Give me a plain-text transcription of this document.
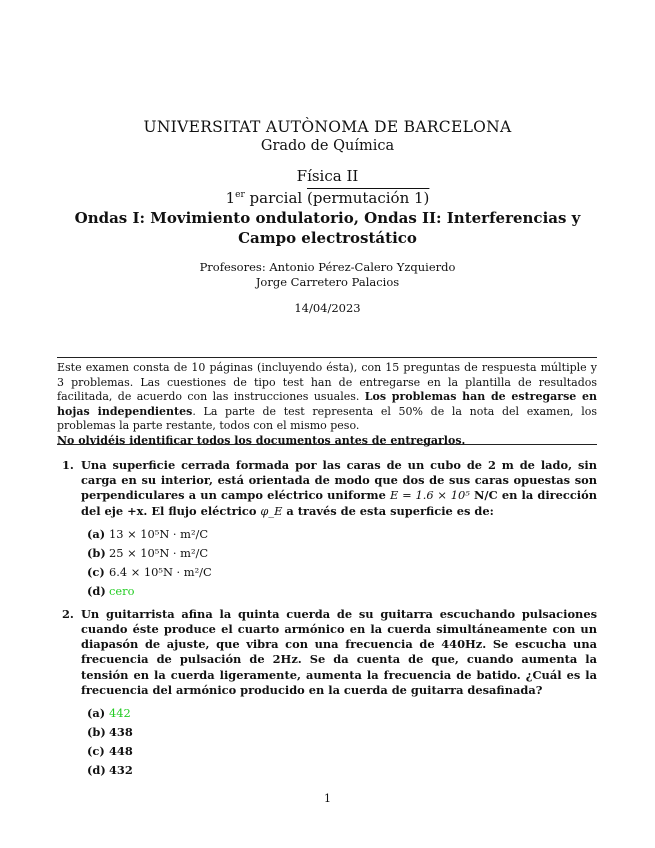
UNIVERSITAT AUTÒNOMA DE BARCELONA
Grado de Química
Física II
1er parcial (permutación 1)
Ondas I: Movimiento ondulatorio, Ondas II: Interferencias y Campo electrostático
Profesores: Antonio Pérez-Calero Yzquierdo
Jorge Carretero Palacios
14/04/2023
Este examen consta de 10 páginas (incluyendo ésta), con 15 preguntas de respuesta múltiple y 3 problemas. Las cuestiones de tipo test han de entregarse en la plantilla de resultados facilitada, de acuerdo con las instrucciones usuales. Los problemas han de estregarse en hojas independientes. La parte de test representa el 50% de la nota del examen, los problemas la parte restante, todos con el mismo peso.
No olvidéis identificar todos los documentos antes de entregarlos.
1. Una superficie cerrada formada por las caras de un cubo de 2 m de lado, sin carga en su interior, está orientada de modo que dos de sus caras opuestas son perpendiculares a un campo eléctrico uniforme E = 1.6 × 10⁵ N/C en la dirección del eje +x. El flujo eléctrico φ_E a través de esta superficie es de:
(a) 13 × 10⁵N · m²/C
(b) 25 × 10⁵N · m²/C
(c) 6.4 × 10⁵N · m²/C
(d) cero
2. Un guitarrista afina la quinta cuerda de su guitarra escuchando pulsaciones cuando éste produce el cuarto armónico en la cuerda simultáneamente con un diapasón de ajuste, que vibra con una frecuencia de 440Hz. Se escucha una frecuencia de pulsación de 2Hz. Se da cuenta de que, cuando aumenta la tensión en la cuerda ligeramente, aumenta la frecuencia de batido. ¿Cuál es la frecuencia del armónico producido en la cuerda de guitarra desafinada?
(a) 442
(b) 438
(c) 448
(d) 432
1
